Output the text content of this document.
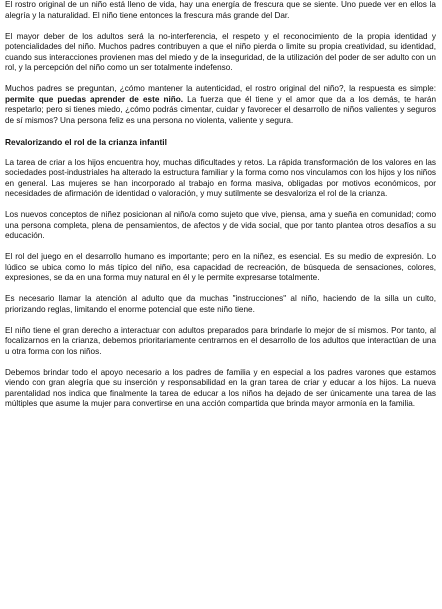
El rostro original de un niño está lleno de vida, hay una energía de frescura que se siente. Uno puede ver en ellos la alegría y la naturalidad. El niño tiene entonces la frescura más grande del Dar.

El mayor deber de los adultos será la no-interferencia, el respeto y el reconocimiento de la propia identidad y potencialidades del niño. Muchos padres contribuyen a que el niño pierda o limite su propia creatividad, su identidad, cuando sus interacciones provienen mas del miedo y de la inseguridad, de la utilización del poder de ser adulto con un rol, y la percepción del niño como un ser totalmente indefenso.

Muchos padres se preguntan, ¿cómo mantener la autenticidad, el rostro original del niño?, la respuesta es simple: permite que puedas aprender de este niño. La fuerza que él tiene y el amor que da a los demás, te harán respetarlo; pero si tienes miedo, ¿cómo podrás cimentar, cuidar y favorecer el desarrollo de niños valientes y seguros de sí mismos? Una persona feliz es una persona no violenta, valiente y segura.

Revalorizando el rol de la crianza infantil

La tarea de criar a los hijos encuentra hoy, muchas dificultades y retos. La rápida transformación de los valores en las sociedades post-industriales ha alterado la estructura familiar y la forma como nos vinculamos con los hijos y los niños en general. Las mujeres se han incorporado al trabajo en forma masiva, obligadas por motivos económicos, por necesidades de afirmación de identidad o valoración, y muy sutilmente se desvaloriza el rol de la crianza.

Los nuevos conceptos de niñez posicionan al niño/a como sujeto que vive, piensa, ama y sueña en comunidad; como una persona completa, plena de pensamientos, de afectos y de vida social, que por tanto plantea otros desafíos a su educación.

El rol del juego en el desarrollo humano es importante; pero en la niñez, es esencial. Es su medio de expresión. Lo lúdico se ubica como lo más típico del niño, esa capacidad de recreación, de búsqueda de sensaciones, colores, expresiones, se da en una forma muy natural en él y le permite expresarse totalmente.

Es necesario llamar la atención al adulto que da muchas "instrucciones" al niño, haciendo de la silla un culto, priorizando reglas, limitando el enorme potencial que este niño tiene.

El niño tiene el gran derecho a interactuar con adultos preparados para brindarle lo mejor de sí mismos. Por tanto, al focalizarnos en la crianza, debemos prioritariamente centrarnos en el desarrollo de los adultos que interactúan de una u otra forma con los niños.

Debemos brindar todo el apoyo necesario a los padres de familia y en especial a los padres varones que estamos viendo con gran alegría que su inserción y responsabilidad en la gran tarea de criar y educar a los hijos. La nueva parentalidad nos indica que finalmente la tarea de educar a los niños ha dejado de ser únicamente una tarea de las múltiples que asume la mujer para convertirse en una acción compartida que brinda mayor armonía en la familia.
